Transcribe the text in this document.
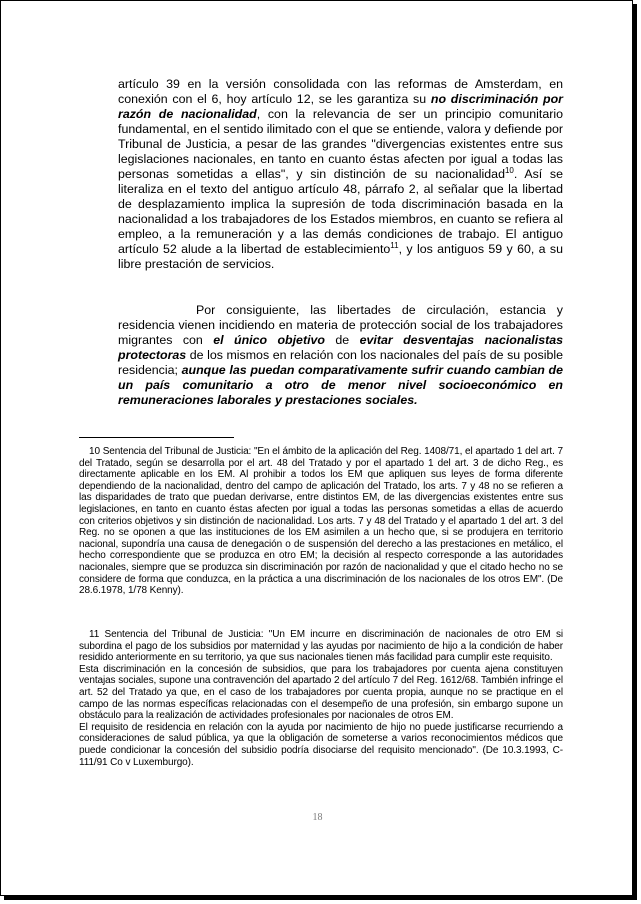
artículo 39 en la versión consolidada con las reformas de Amsterdam, en conexión con el 6, hoy artículo 12, se les garantiza su no discriminación por razón de nacionalidad, con la relevancia de ser un principio comunitario fundamental, en el sentido ilimitado con el que se entiende, valora y defiende por Tribunal de Justicia, a pesar de las grandes "divergencias existentes entre sus legislaciones nacionales, en tanto en cuanto éstas afecten por igual a todas las personas sometidas a ellas", y sin distinción de su nacionalidad$^{10}$. Así se literaliza en el texto del antiguo artículo 48, párrafo 2, al señalar que la libertad de desplazamiento implica la supresión de toda discriminación basada en la nacionalidad a los trabajadores de los Estados miembros, en cuanto se refiera al empleo, a la remuneración y a las demás condiciones de trabajo. El antiguo artículo 52 alude a la libertad de establecimiento$^{11}$, y los antiguos 59 y 60, a su libre prestación de servicios.
Por consiguiente, las libertades de circulación, estancia y residencia vienen incidiendo en materia de protección social de los trabajadores migrantes con el único objetivo de evitar desventajas nacionalistas protectoras de los mismos en relación con los nacionales del país de su posible residencia; aunque las puedan comparativamente sufrir cuando cambian de un país comunitario a otro de menor nivel socioeconómico en remuneraciones laborales y prestaciones sociales.

10 Sentencia del Tribunal de Justicia: "En el ámbito de la aplicación del Reg. 1408/71, el apartado 1 del art. 7 del Tratado, según se desarrolla por el art. 48 del Tratado y por el apartado 1 del art. 3 de dicho Reg., es directamente aplicable en los EM. Al prohibir a todos los EM que apliquen sus leyes de forma diferente dependiendo de la nacionalidad, dentro del campo de aplicación del Tratado, los arts. 7 y 48 no se refieren a las disparidades de trato que puedan derivarse, entre distintos EM, de las divergencias existentes entre sus legislaciones, en tanto en cuanto éstas afecten por igual a todas las personas sometidas a ellas de acuerdo con criterios objetivos y sin distinción de nacionalidad. Los arts. 7 y 48 del Tratado y el apartado 1 del art. 3 del Reg. no se oponen a que las instituciones de los EM asimilen a un hecho que, si se produjera en territorio nacional, supondría una causa de denegación o de suspensión del derecho a las prestaciones en metálico, el hecho correspondiente que se produzca en otro EM; la decisión al respecto corresponde a las autoridades nacionales, siempre que se produzca sin discriminación por razón de nacionalidad y que el citado hecho no se considere de forma que conduzca, en la práctica a una discriminación de los nacionales de los otros EM". (De 28.6.1978, 1/78 Kenny).

11 Sentencia del Tribunal de Justicia: "Un EM incurre en discriminación de nacionales de otro EM si subordina el pago de los subsidios por maternidad y las ayudas por nacimiento de hijo a la condición de haber residido anteriormente en su territorio, ya que sus nacionales tienen más facilidad para cumplir este requisito.

Esta discriminación en la concesión de subsidios, que para los trabajadores por cuenta ajena constituyen ventajas sociales, supone una contravención del apartado 2 del artículo 7 del Reg. 1612/68. También infringe el art. 52 del Tratado ya que, en el caso de los trabajadores por cuenta propia, aunque no se practique en el campo de las normas específicas relacionadas con el desempeño de una profesión, sin embargo supone un obstáculo para la realización de actividades profesionales por nacionales de otros EM.

El requisito de residencia en relación con la ayuda por nacimiento de hijo no puede justificarse recurriendo a consideraciones de salud pública, ya que la obligación de someterse a varios reconocimientos médicos que puede condicionar la concesión del subsidio podría disociarse del requisito mencionado". (De 10.3.1993, C-111/91 Co v Luxemburgo).

18
